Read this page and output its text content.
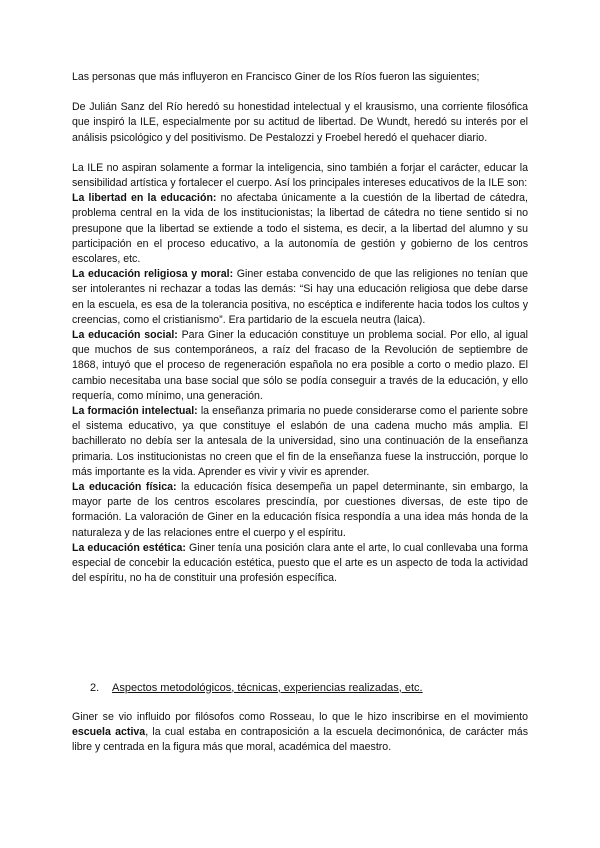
Las personas que más influyeron en Francisco Giner de los Ríos fueron las siguientes;

De Julián Sanz del Río heredó su honestidad intelectual y el krausismo, una corriente filosófica que inspiró la ILE, especialmente por su actitud de libertad. De Wundt, heredó su interés por el análisis psicológico y del positivismo. De Pestalozzi y Froebel heredó el quehacer diario.

La ILE no aspiran solamente a formar la inteligencia, sino también a forjar el carácter, educar la sensibilidad artística y fortalecer el cuerpo. Así los principales intereses educativos de la ILE son:

La libertad en la educación: no afectaba únicamente a la cuestión de la libertad de cátedra, problema central en la vida de los institucionistas; la libertad de cátedra no tiene sentido si no presupone que la libertad se extiende a todo el sistema, es decir, a la libertad del alumno y su participación en el proceso educativo, a la autonomía de gestión y gobierno de los centros escolares, etc.

La educación religiosa y moral: Giner estaba convencido de que las religiones no tenían que ser intolerantes ni rechazar a todas las demás: “Si hay una educación religiosa que debe darse en la escuela, es esa de la tolerancia positiva, no escéptica e indiferente hacia todos los cultos y creencias, como el cristianismo”. Era partidario de la escuela neutra (laica).

La educación social: Para Giner la educación constituye un problema social. Por ello, al igual que muchos de sus contemporáneos, a raíz del fracaso de la Revolución de septiembre de 1868, intuyó que el proceso de regeneración española no era posible a corto o medio plazo. El cambio necesitaba una base social que sólo se podía conseguir a través de la educación, y ello requería, como mínimo, una generación.

La formación intelectual: la enseñanza primaria no puede considerarse como el pariente sobre el sistema educativo, ya que constituye el eslabón de una cadena mucho más amplia. El bachillerato no debía ser la antesala de la universidad, sino una continuación de la enseñanza primaria. Los institucionistas no creen que el fin de la enseñanza fuese la instrucción, porque lo más importante es la vida. Aprender es vivir y vivir es aprender.

La educación física: la educación física desempeña un papel determinante, sin embargo, la mayor parte de los centros escolares prescindía, por cuestiones diversas, de este tipo de formación. La valoración de Giner en la educación física respondía a una idea más honda de la naturaleza y de las relaciones entre el cuerpo y el espíritu.

La educación estética: Giner tenía una posición clara ante el arte, lo cual conllevaba una forma especial de concebir la educación estética, puesto que el arte es un aspecto de toda la actividad del espíritu, no ha de constituir una profesión específica.

2. Aspectos metodológicos, técnicas, experiencias realizadas, etc.

Giner se vio influido por filósofos como Rosseau, lo que le hizo inscribirse en el movimiento escuela activa, la cual estaba en contraposición a la escuela decimonónica, de carácter más libre y centrada en la figura más que moral, académica del maestro.
